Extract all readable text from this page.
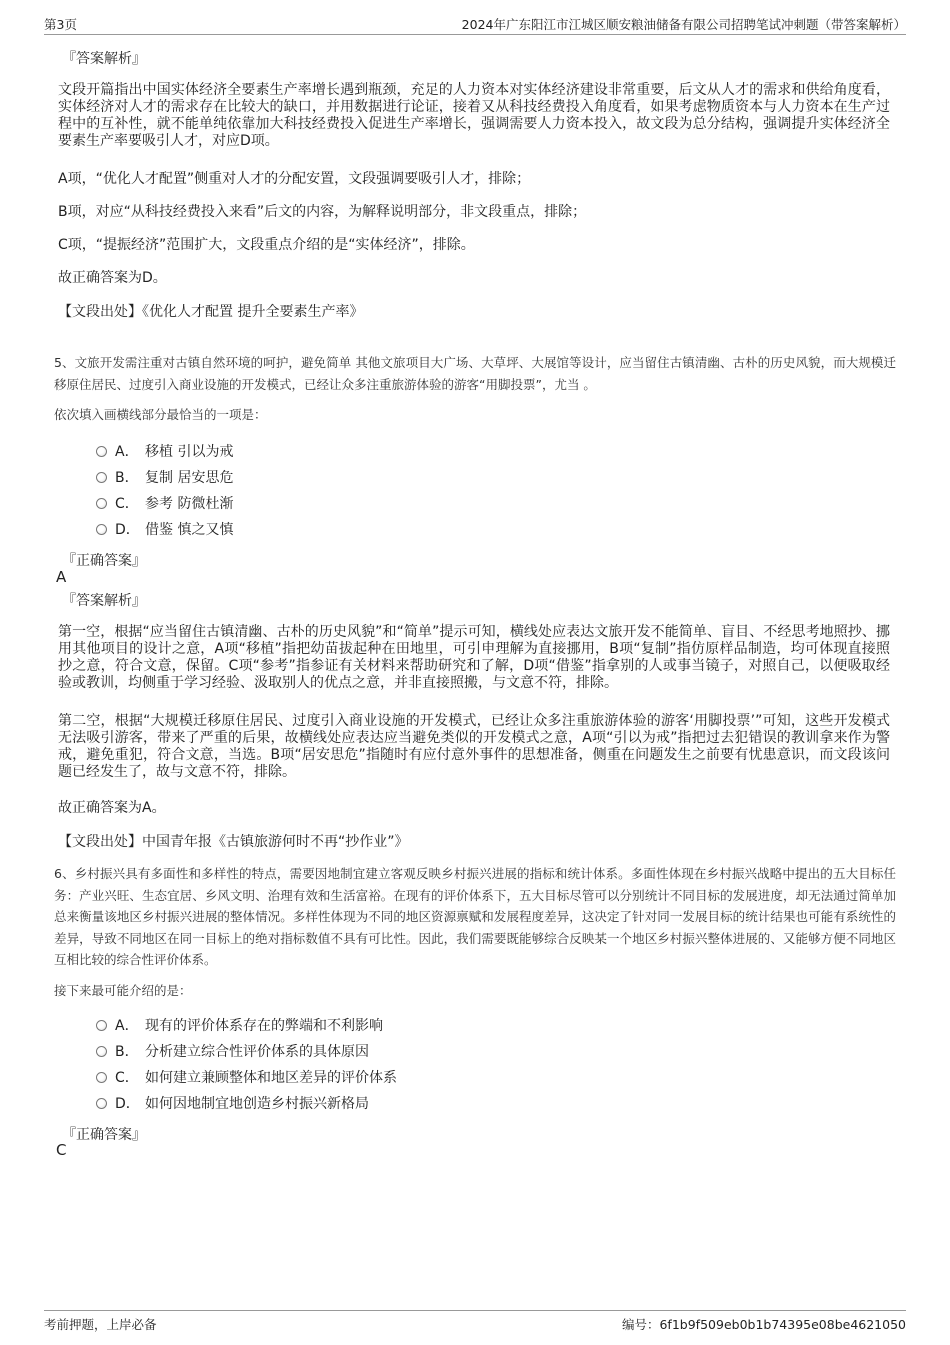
第3页	2024年广东阳江市江城区顺安粮油储备有限公司招聘笔试冲刺题（带答案解析）
『答案解析』
文段开篇指出中国实体经济全要素生产率增长遇到瓶颈，充足的人力资本对实体经济建设非常重要，后文从人才的需求和供给角度看，实体经济对人才的需求存在比较大的缺口，并用数据进行论证，接着又从科技经费投入角度看，如果考虑物质资本与人力资本在生产过程中的互补性，就不能单纯依靠加大科技经费投入促进生产率增长，强调需要人力资本投入，故文段为总分结构，强调提升实体经济全要素生产率要吸引人才，对应D项。
A项，“优化人才配置”侧重对人才的分配安置，文段强调要吸引人才，排除；
B项，对应“从科技经费投入来看”后文的内容，为解释说明部分，非文段重点，排除；
C项，“提振经济”范围扩大，文段重点介绍的是“实体经济”，排除。
故正确答案为D。
【文段出处】《优化人才配置 提升全要素生产率》
5、文旅开发需注重对古镇自然环境的呵护，避免简单 其他文旅项目大广场、大草坪、大展馆等设计，应当留住古镇清幽、古朴的历史风貌，而大规模迁移原住居民、过度引入商业设施的开发模式，已经让众多注重旅游体验的游客“用脚投票”，尤当 。
依次填入画横线部分最恰当的一项是：
A． 移植 引以为戒
B． 复制 居安思危
C． 参考 防微杜渐
D． 借鉴 慎之又慎
『正确答案』
A
『答案解析』
第一空，根据“应当留住古镇清幽、古朴的历史风貌”和“简单”提示可知，横线处应表达文旅开发不能简单、盲目、不经思考地照抄、挪用其他项目的设计之意，A项“移植”指把幼苗拔起种在田地里，可引申理解为直接挪用，B项“复制”指仿原样品制造，均可体现直接照抄之意，符合文意，保留。C项“参考”指参证有关材料来帮助研究和了解，D项“借鉴”指拿别的人或事当镜子，对照自己，以便吸取经验或教训，均侧重于学习经验、汲取别人的优点之意，并非直接照搬，与文意不符，排除。
第二空，根据“大规模迁移原住居民、过度引入商业设施的开发模式，已经让众多注重旅游体验的游客‘用脚投票’”可知，这些开发模式无法吸引游客，带来了严重的后果，故横线处应表达应当避免类似的开发模式之意，A项“引以为戒”指把过去犯错误的教训拿来作为警戒，避免重犯，符合文意，当选。B项“居安思危”指随时有应付意外事件的思想准备，侧重在问题发生之前要有忧患意识，而文段该问题已经发生了，故与文意不符，排除。
故正确答案为A。
【文段出处】中国青年报《古镇旅游何时不再“抄作业”》
6、乡村振兴具有多面性和多样性的特点，需要因地制宜建立客观反映乡村振兴进展的指标和统计体系。多面性体现在乡村振兴战略中提出的五大目标任务：产业兴旺、生态宜居、乡风文明、治理有效和生活富裕。在现有的评价体系下，五大目标尽管可以分别统计不同目标的发展进度，却无法通过简单加总来衡量该地区乡村振兴进展的整体情况。多样性体现为不同的地区资源禀赋和发展程度差异，这决定了针对同一发展目标的统计结果也可能有系统性的差异，导致不同地区在同一目标上的绝对指标数值不具有可比性。因此，我们需要既能够综合反映某一个地区乡村振兴整体进展的、又能够方便不同地区互相比较的综合性评价体系。
接下来最可能介绍的是：
A． 现有的评价体系存在的弊端和不利影响
B． 分析建立综合性评价体系的具体原因
C． 如何建立兼顾整体和地区差异的评价体系
D． 如何因地制宜地创造乡村振兴新格局
『正确答案』
C
考前押题，上岸必备	编号：6f1b9f509eb0b1b74395e08be4621050
